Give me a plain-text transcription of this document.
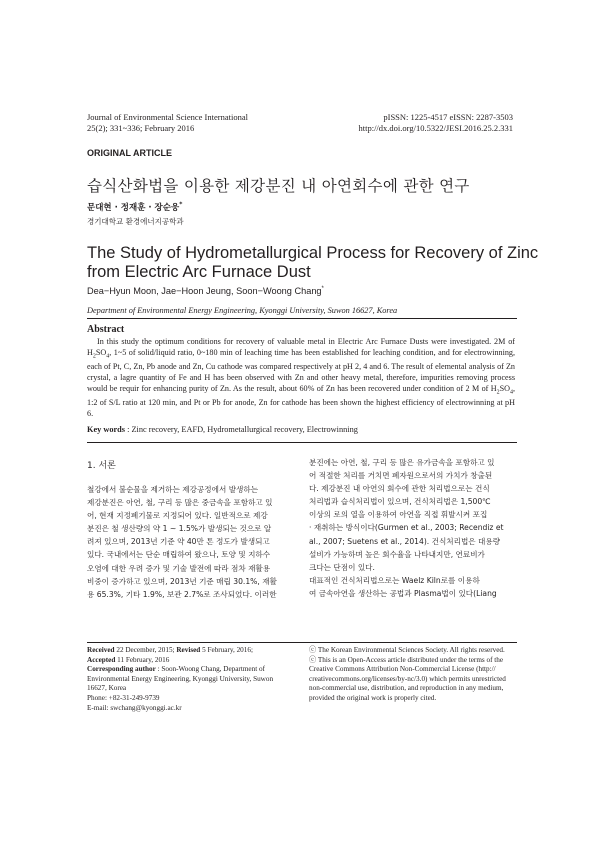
Journal of Environmental Science International
25(2); 331~336; February 2016
pISSN: 1225-4517 eISSN: 2287-3503
http://dx.doi.org/10.5322/JESI.2016.25.2.331
ORIGINAL ARTICLE
습식산화법을 이용한 제강분진 내 아연회수에 관한 연구
문대현 · 정재훈 · 장순웅*
경기대학교 환경에너지공학과
The Study of Hydrometallurgical Process for Recovery of Zinc
from Electric Arc Furnace Dust
Dea−Hyun Moon, Jae−Hoon Jeung, Soon−Woong Chang*
Department of Environmental Energy Engineering, Kyonggi University, Suwon 16627, Korea
Abstract

In this study the optimum conditions for recovery of valuable metal in Electric Arc Furnace Dusts were investigated. 2M of $H_2SO_4$, 1~5 of solid/liquid ratio, 0~180 min of leaching time has been established for leaching condition, and for electrowinning, each of Pt, C, Zn, Pb anode and Zn, Cu cathode was compared respectively at pH 2, 4 and 6. The result of elemental analysis of Zn crystal, a lagre quantity of Fe and H has been observed with Zn and other heavy metal, therefore, impurities removing process would be requir for enhancing purity of Zn. As the result, about 60% of Zn has been recovered under condition of 2 M of $H_2SO_4$, 1:2 of S/L ratio at 120 min, and Pt or Pb for anode, Zn for cathode has been shown the highest efficiency of electrowinning at pH 6.

Key words : Zinc recovery, EAFD, Hydrometallurgical recovery, Electrowinning
1. 서론
철강에서 불순물을 제거하는 제강공정에서 발생하는
제강분진은 아연, 철, 구리 등 많은 중금속을 포함하고 있
어, 현재 지정폐기물로 지정되어 있다. 일반적으로 제강
분진은 철 생산량의 약 1 ~ 1.5%가 발생되는 것으로 알
려져 있으며, 2013년 기준 약 40만 톤 정도가 발생되고
있다. 국내에서는 단순 매립하여 왔으나, 토양 및 지하수
오염에 대한 우려 증가 및 기술 발전에 따라 점차 재활용
비중이 증가하고 있으며, 2013년 기준 매립 30.1%, 재활
용 65.3%, 기타 1.9%, 보관 2.7%로 조사되었다. 이러한
분진에는 아연, 철, 구리 등 많은 유가금속을 포함하고 있
어 적절한 처리를 거치면 폐자원으로서의 가치가 창출된
다. 제강분진 내 아연의 회수에 관한 처리법으로는 건식
처리법과 습식처리법이 있으며, 건식처리법은 1,500℃
이상의 로의 열을 이용하여 아연을 직접 휘발시켜 포집
· 재취하는 방식이다(Gurmen et al., 2003; Recendiz et
al., 2007; Suetens et al., 2014). 건식처리법은 대용량
설비가 가능하며 높은 회수율을 나타내지만, 연료비가
크다는 단점이 있다.
대표적인 건식처리법으로는 Waelz Kiln로를 이용하
여 금속아연을 생산하는 공법과 Plasma법이 있다(Liang
Received 22 December, 2015; Revised 5 February, 2016;
Accepted 11 February, 2016
Corresponding author : Soon-Woong Chang, Department of
Environmental Energy Engineering, Kyonggi University, Suwon
16627, Korea
Phone: +82-31-249-9739
E-mail: swchang@kyonggi.ac.kr
ⓒ The Korean Environmental Sciences Society. All rights reserved.
ⓒ This is an Open-Access article distributed under the terms of the
Creative Commons Attribution Non-Commercial License (http://
creativecommons.org/licenses/by-nc/3.0) which permits unrestricted
non-commercial use, distribution, and reproduction in any medium,
provided the original work is properly cited.
